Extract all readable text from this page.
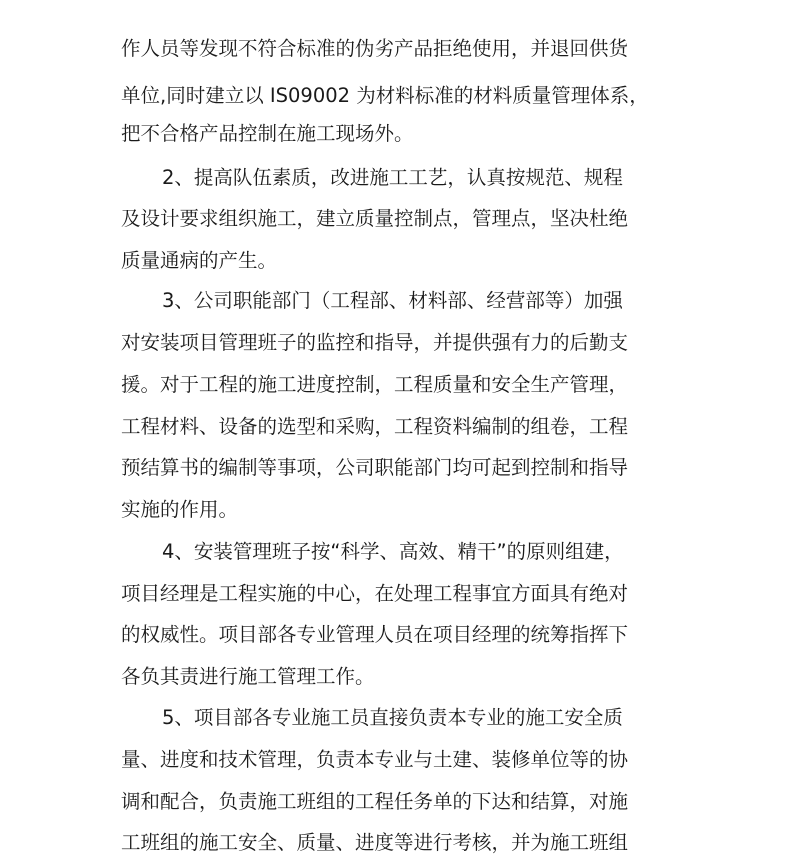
作人员等发现不符合标准的伪劣产品拒绝使用，并退回供货
单位,同时建立以 IS09002 为材料标准的材料质量管理体系，
把不合格产品控制在施工现场外。
2、提高队伍素质，改进施工工艺，认真按规范、规程
及设计要求组织施工，建立质量控制点，管理点，坚决杜绝
质量通病的产生。
3、公司职能部门（工程部、材料部、经营部等）加强
对安装项目管理班子的监控和指导，并提供强有力的后勤支
援。对于工程的施工进度控制，工程质量和安全生产管理，
工程材料、设备的选型和采购，工程资料编制的组卷，工程
预结算书的编制等事项，公司职能部门均可起到控制和指导
实施的作用。
4、安装管理班子按“科学、高效、精干”的原则组建，
项目经理是工程实施的中心，在处理工程事宜方面具有绝对
的权威性。项目部各专业管理人员在项目经理的统筹指挥下
各负其责进行施工管理工作。
5、项目部各专业施工员直接负责本专业的施工安全质
量、进度和技术管理，负责本专业与土建、装修单位等的协
调和配合，负责施工班组的工程任务单的下达和结算，对施
工班组的施工安全、质量、进度等进行考核，并为施工班组
